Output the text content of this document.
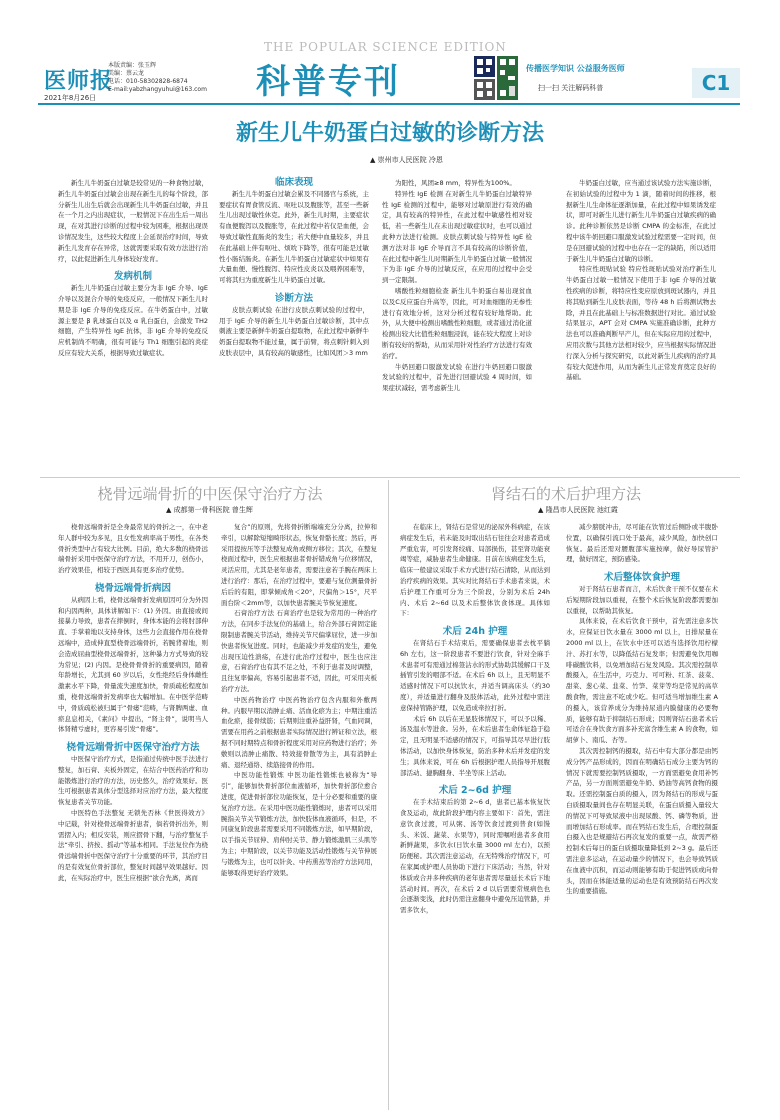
医师报
本版责编：张玉辉
美编：蔡云龙
电话：010-58302828-6874
E-mail:yabzhangyuhui@163.com
2021年8月26日
THE POPULAR SCIENCE EDITION
科普专刊	传播医学知识 公益服务医师
扫一扫 关注解码科普	C1
新生儿牛奶蛋白过敏的诊断方法
▲ 崇州市人民医院 冷恩

新生儿牛奶蛋白过敏是较常见的一种食物过敏，新生儿牛奶蛋白过敏会出现在新生儿的每个阶段，部分新生儿出生后就会出现新生儿牛奶蛋白过敏，并且在一个月之内出现症状，一般情况下在出生后一周出现，在对其进行诊断的过程中较为困难，根据出现误诊情况发生，这些较大程度上会延误治疗时间，导致新生儿发育存在异常，这就需要采取有效方法进行治疗，以此促进新生儿身体较好发育。

发病机制

新生儿牛奶蛋白过敏主要分为非 IgE 介导、IgE 介导以及混合介导的免疫反应，一般情况下新生儿时期是非 IgE 介导的免疫反应。在牛奶蛋白中，过敏源主要是 β 乳球蛋白以及 α 乳白蛋白，会激发 TH2 细胞，产生特异性 IgE 抗体，非 IgE 介导的免疫反应机制尚不明确，很有可能与 Th1 细胞引起的炎症反应有较大关系，根据导致过敏症状。

临床表现

新生儿牛奶蛋白过敏会累及不同器官与系统，主要症状有胃食管反流、呕吐以及腹胀等，甚至一些新生儿出现过敏性休克。此外，新生儿时期，主要症状有血便腹泻以及腹胀等，在此过程中若仅是血便，会导致过敏性直肠炎的发生；若大便中血量较多，并且在此基础上伴有呕吐、烦吮下降等，很有可能是过敏性小肠结肠炎。在新生儿牛奶蛋白过敏症状中如果有大量血便、慢性腹泻、特应性皮炎以及喂养困难等，可将其归为重度新生儿牛奶蛋白过敏。

诊断方法

皮肤点刺试验 在进行皮肤点刺试验的过程中，用于 IgE 介导的新生儿牛奶蛋白过敏诊断，其中点刺液主要是新鲜牛奶蛋白提取物，在此过程中新鲜牛奶蛋白提取物不能过量，属于前臂，将点刺针刺入到皮肤表层中，具有较高的敏感性，比如风团＞3 mm

为阳性，风团≥8 mm，特异性为100%。

特异性 IgE 检测 在对新生儿牛奶蛋白过敏特异性 IgE 检测的过程中，能够对过敏原进行有效的确定，具有较高的特异性，在此过程中敏感性相对较低，若一些新生儿在未出现过敏症状时，也可以通过此种方法进行检测。皮肤点刺试验与特异性 IgE 检测方法对非 IgE 介导而言不具有较高的诊断价值，在此过程中新生儿时期新生儿牛奶蛋白过敏一般情况下为非 IgE 介导的过敏反应，在应用的过程中会受到一定限制。

嗜酸性粒细胞检查 新生儿牛奶蛋白易出现贫血以及C反应蛋白升高等，因此，可对血细胞的无参性进行有效地分析，这对分析过程有较好地帮助。此外，从大便中检测出嗜酸性粒细胞，或者通过消化道检测出较大比值性粒细胞浸润，能在较大程度上对诊断有较好的帮助，从而采用针对性治疗方法进行有效治疗。

牛奶回避口服激发试验 在进行牛奶回避口服激发试验的过程中，首先进行回避试验 4 周时间，如果症状减轻，需考虑新生儿

牛奶蛋白过敏，应当通过该试验方法实施诊断，在初始试验的过程中为 1 滴，随着时间的推移，根据新生儿生命体征逐渐加量，在此过程中如果诱发症状，即可对新生儿进行新生儿牛奶蛋白过敏疾病的确诊。此种诊断依然是诊断 CMPA 的金标准，在此过程中该牛奶回避口服激发试验过程需要一定时间，但是在回避试验的过程中也存在一定的缺陷，所以适用于新生儿牛奶蛋白过敏的诊断。

特应性斑贴试验 特应性斑贴试验对治疗新生儿牛奶蛋白过敏一般情况下使用于非 IgE 介导的过敏性疾病的诊断，将特应性变应原放到斑试器内，并且将其贴到新生儿皮肤表面，等待 48 h 后将测试物去除，并且在此基础上与标准数据进行对比。通过试验结果显示，APT 会对 CMPA 实施准确诊断，此种方法也可以准确判断早产儿，但在实际应用的过程中，应用次数与其他方法相对较少，应当根据实际情况进行深入分析与探究研究，以此对新生儿疾病的治疗具有较大促进作用，从而为新生儿正常发育奠定良好的基础。

桡骨远端骨折的中医保守治疗方法
▲ 成都第一骨科医院 曾生辉

桡骨远端骨折是全身最常见的骨折之一，在中老年人群中较为多见，且女性发病率高于男性，在各类骨折类型中占有较大比例。目前，绝大多数的桡骨远端骨折采用中医保守治疗方法，不用开刀，创伤小，治疗效果佳，相较于西医具有更多治疗优势。

桡骨远端骨折病因

从病因上看，桡骨远端骨折发病原因可分为外因和内因两种，具体讲解如下：(1) 外因。由直接或间接暴力导致，患者在摔倒时，身体本能的会将肘部伸直、手掌着地以支持身体，这些力会直接作用在桡骨远端中，造成伸直型桡骨远端骨折，若腕背着地，则会造成屈曲型桡骨远端骨折，这种暴力方式导致的较为常见；(2) 内因。是桡骨骨骨折的重要病因，随着年龄增长，尤其到 60 岁以后，女性绝经后身体雌性激素水平下降，骨量流失速度加快，骨质疏松程度加重，桡骨远端骨折发病率也大幅增加。在中医学范畴中，骨质疏松被归属于“骨痿”范畴，与肾脾两虚、血瘀息息相关，《素问》中提出，“肾主骨”，说明当人体肾精亏虚时，更容易引发“骨痿”。

桡骨远端骨折中医保守治疗方法

中医保守治疗方式，是指通过传统中医手法进行整复，加石膏、夹板外固定，在结合中医药治疗和功能锻炼进行治疗的方法，历史悠久，治疗效果好。医生可根据患者具体分型选择对应治疗方法，最大程度恢复患者关节功能。

中医特色手法整复 无锁先否林《世医得效方》中记载，针对桡骨远端骨折患者，倘若骨折出外，则需摺入内；相反安装，则应摺骨下翻，与治疗整复手法“牵引、挤按、摇动”等基本相同。手法复位作为桡骨远端骨折中医保守治疗十分重要的环节，其治疗目的是有效复位骨折部位，整复时间越早效果越好。因此，在实际治疗中，医生应根据“欲合先离，离而

复合”的原则，先将骨折断端端充分分离，拉伸和牵引，以解除短缩畸形状态，恢复骨骼长度；然后，再采用提按压等手法整复成角或侧方移位；其次，在整复桡面过程中，医生应根据患者骨折错成角与位移情况，灵活应用，尤其是老年患者，需要注意若手腕在两床上进行治疗：那后，在治疗过程中，要避与复位测量骨折后后的有阻，即掌倾成角＜20°，尺偏角＞15°，尺平面台阶＜2mm等，以加快患者腕关节恢复速度。

石膏治疗方法 石膏治疗也是较为常用的一种治疗方法，在同步手法复位的基础上，给合外部石膏固定能限制患者腕关节活动，维持关节尺偏掌屈位，进一步加快患者恢复进度。同时，也能减少并发症的发生，避免出现压迫性溃疡，在进行此治疗过程中，医生也应注意，石膏治疗也有其不足之处，不利于患者及时调整，且往复率偏高，容易引起患者不适，因此，可采用夹板治疗方法。

中医药物治疗 中医药物治疗包含内服和外敷两种。内服早期以消肿止痛、活血化瘀为主；中期注重活血化瘀，接骨续筋；后期则注重补益肝肾，气血同调，需要在用药之前根据患者实际情况进行辨证和立法，根据不同时期特点和骨折程度采用对应药物进行治疗；外敷则以消肿止痛散、特效接骨散等为主，具有消肿止痛、退经通络、续筋接骨的作用。

中医功能性锻炼 中医功能性锻炼也被称为“导引”，能够加快骨折部位血液循环，加快骨折部位愈合进度，促进骨折部位功能恢复，是十分必要和重要的康复治疗方法。在采用中医功能性锻炼时，患者可以采用腕指关节关节锻炼方法，加快肢体血液循环，但是，不同康复阶段患者需要采用不同锻炼方法，如早期阶段，以手指关节屈伸、肩伸肘关节、静力锻炼激肌三头肌等为主；中期阶段，以关节功能及活动性锻炼与关节伸展与锻炼为主，也可以针灸、中药熏蒸等治疗方法同用，能够取得更好治疗效果。

肾结石的术后护理方法
▲ 隆昌市人民医院 池红霞

在临床上，肾结石是常见的泌尿外科病症，在该病症发生后，若未能及时取出结石往往会对患者造成严重危害，可引发肾绞痛、局部损伤，甚至肾功能衰竭等症，威胁患者生命健康。目前在该病症发生后，临床一般建议采取手术方式进行结石清除，从而达到治疗疾病的效果。其实对比肾结石手术患者来说，术后护理工作重可分为三个阶段，分别为术后 24h 内、术后 2~6d 以及术后整体饮食体现。具体如下：

术后 24h 护理

在肾结石手术结束后，需要确保患者去枕平躺 6h 左右，这一阶段患者不要进行饮食，针对全麻手术患者可有需通过棉签沾水的形式协助其缓解口干及插管引发的咽部不适。在术后 6h 以上，且无明显不适感时情况下可以抗饮水，并适当调高床头（约30度），并适量进行翻身及肢体活动，此外过程中需注意保持管路护理，以免造成牵拉打折。

术后 6h 以后在无显肢体情况下，可以予以稀、汤及温水等进食。另外，在术后患者生命体征趋于稳定，且无明显不适感的情况下，可指导其尽早进行肢体活动，以加快身体恢复，防治多种术后并发症的发生；具体来说，可在 6h 后根据护理人员指导开展腹部活动、捷胸翻身、半坐等床上活动。

术后 2~6d 护理

在手术结束后的第 2~6 d，患者已基本恢复饮食及运动，故此阶段护理内容主要如下：首先，需注意饮食过渡，可从粥、汤等饮食过渡到普食(如馒头、米饭、蔬菜、水果等)，同时需嘱咐患者多食用新鲜蔬果，多饮水(日饮水量 3000 ml 左右)，以预防便秘。其次需注意运动，在无特殊治疗情况下，可在家属或护理人员协助下进行下床活动；当然，针对体质或合并多种疾病的老年患者需尽量延长术后下地活动时间。再次，在术后 2 d 以后需要常规病色也会逐渐变浅，此时仍需注意翻身中避免压迫管路，并需多饮水，

减少膀胱冲击，尽可能在饮管过后侧卧或半腹卧位置，以确保引流口处于最高，减少风险，加快创口恢复。最后还需对腰腹部实施按摩，做好导尿管护理，做好固定，预防感染。

术后整体饮食护理

对于肾结石患者而言，术后饮食干预不仅要在术后短期阶段加以重视，在整个术后恢复阶段都需要加以重视，以帮助其恢复。

具体来说，在术后饮食干预中，首先需注意多饮水，应保证日饮水量在 3000 ml 以上，日排尿量在 2000 ml 以上，在饮水中还可以适当选择饮用柠檬汁、苏打水等，以降低结石复发率；但需避免饮用咖啡碳酸饮料，以免增加结石复发风险。其次需控制草酸摄入，在生活中，巧克力、可可粉、红茶、菠菜、甜菜、葱心菜、韭菜、竹笋、菜芽等均是常见的高草酸食物，需注意不吃或少吃。但可适当增加维生素 A 的摄入，该营养成分为维持尿道内膜健康的必要物质，能够有助于抑制结石形成；因则肾结石患者术后可适合在身饮食方面多补充富含维生素 A 的食物，如胡萝卜、南瓜、杏等。

其次需控制钙的摄取，结石中有大部分都是由钙成分钙产品形成的，因而在明确结石成分主要为钙的情况下就需要控制钙质摄取，一方面需避免食用补钙产品，另一方面则需避免牛奶、奶油等高钙食物的摄取。还需控制蛋白质的摄入，因为肾结石的形成与蛋白质摄取量间也存在明显关联，在蛋白质摄入量较大的情况下可导致尿液中出现尿酸、钙、磷等物质，进而增加结石形成率。而在钙结石发生后，合理控制蛋白摄入也是规避结石再次复发的重要一点，故需严格控制术后每日的蛋白质摄取量降低到 2~3 g。最后还需注意多运动，在运动量少的情况下，也会导致钙质在血液中沉积，而运动则能够有助于促进钙质或向骨头，因而在体能适量的运动也是有效预防结石再次发生的重要措施。
